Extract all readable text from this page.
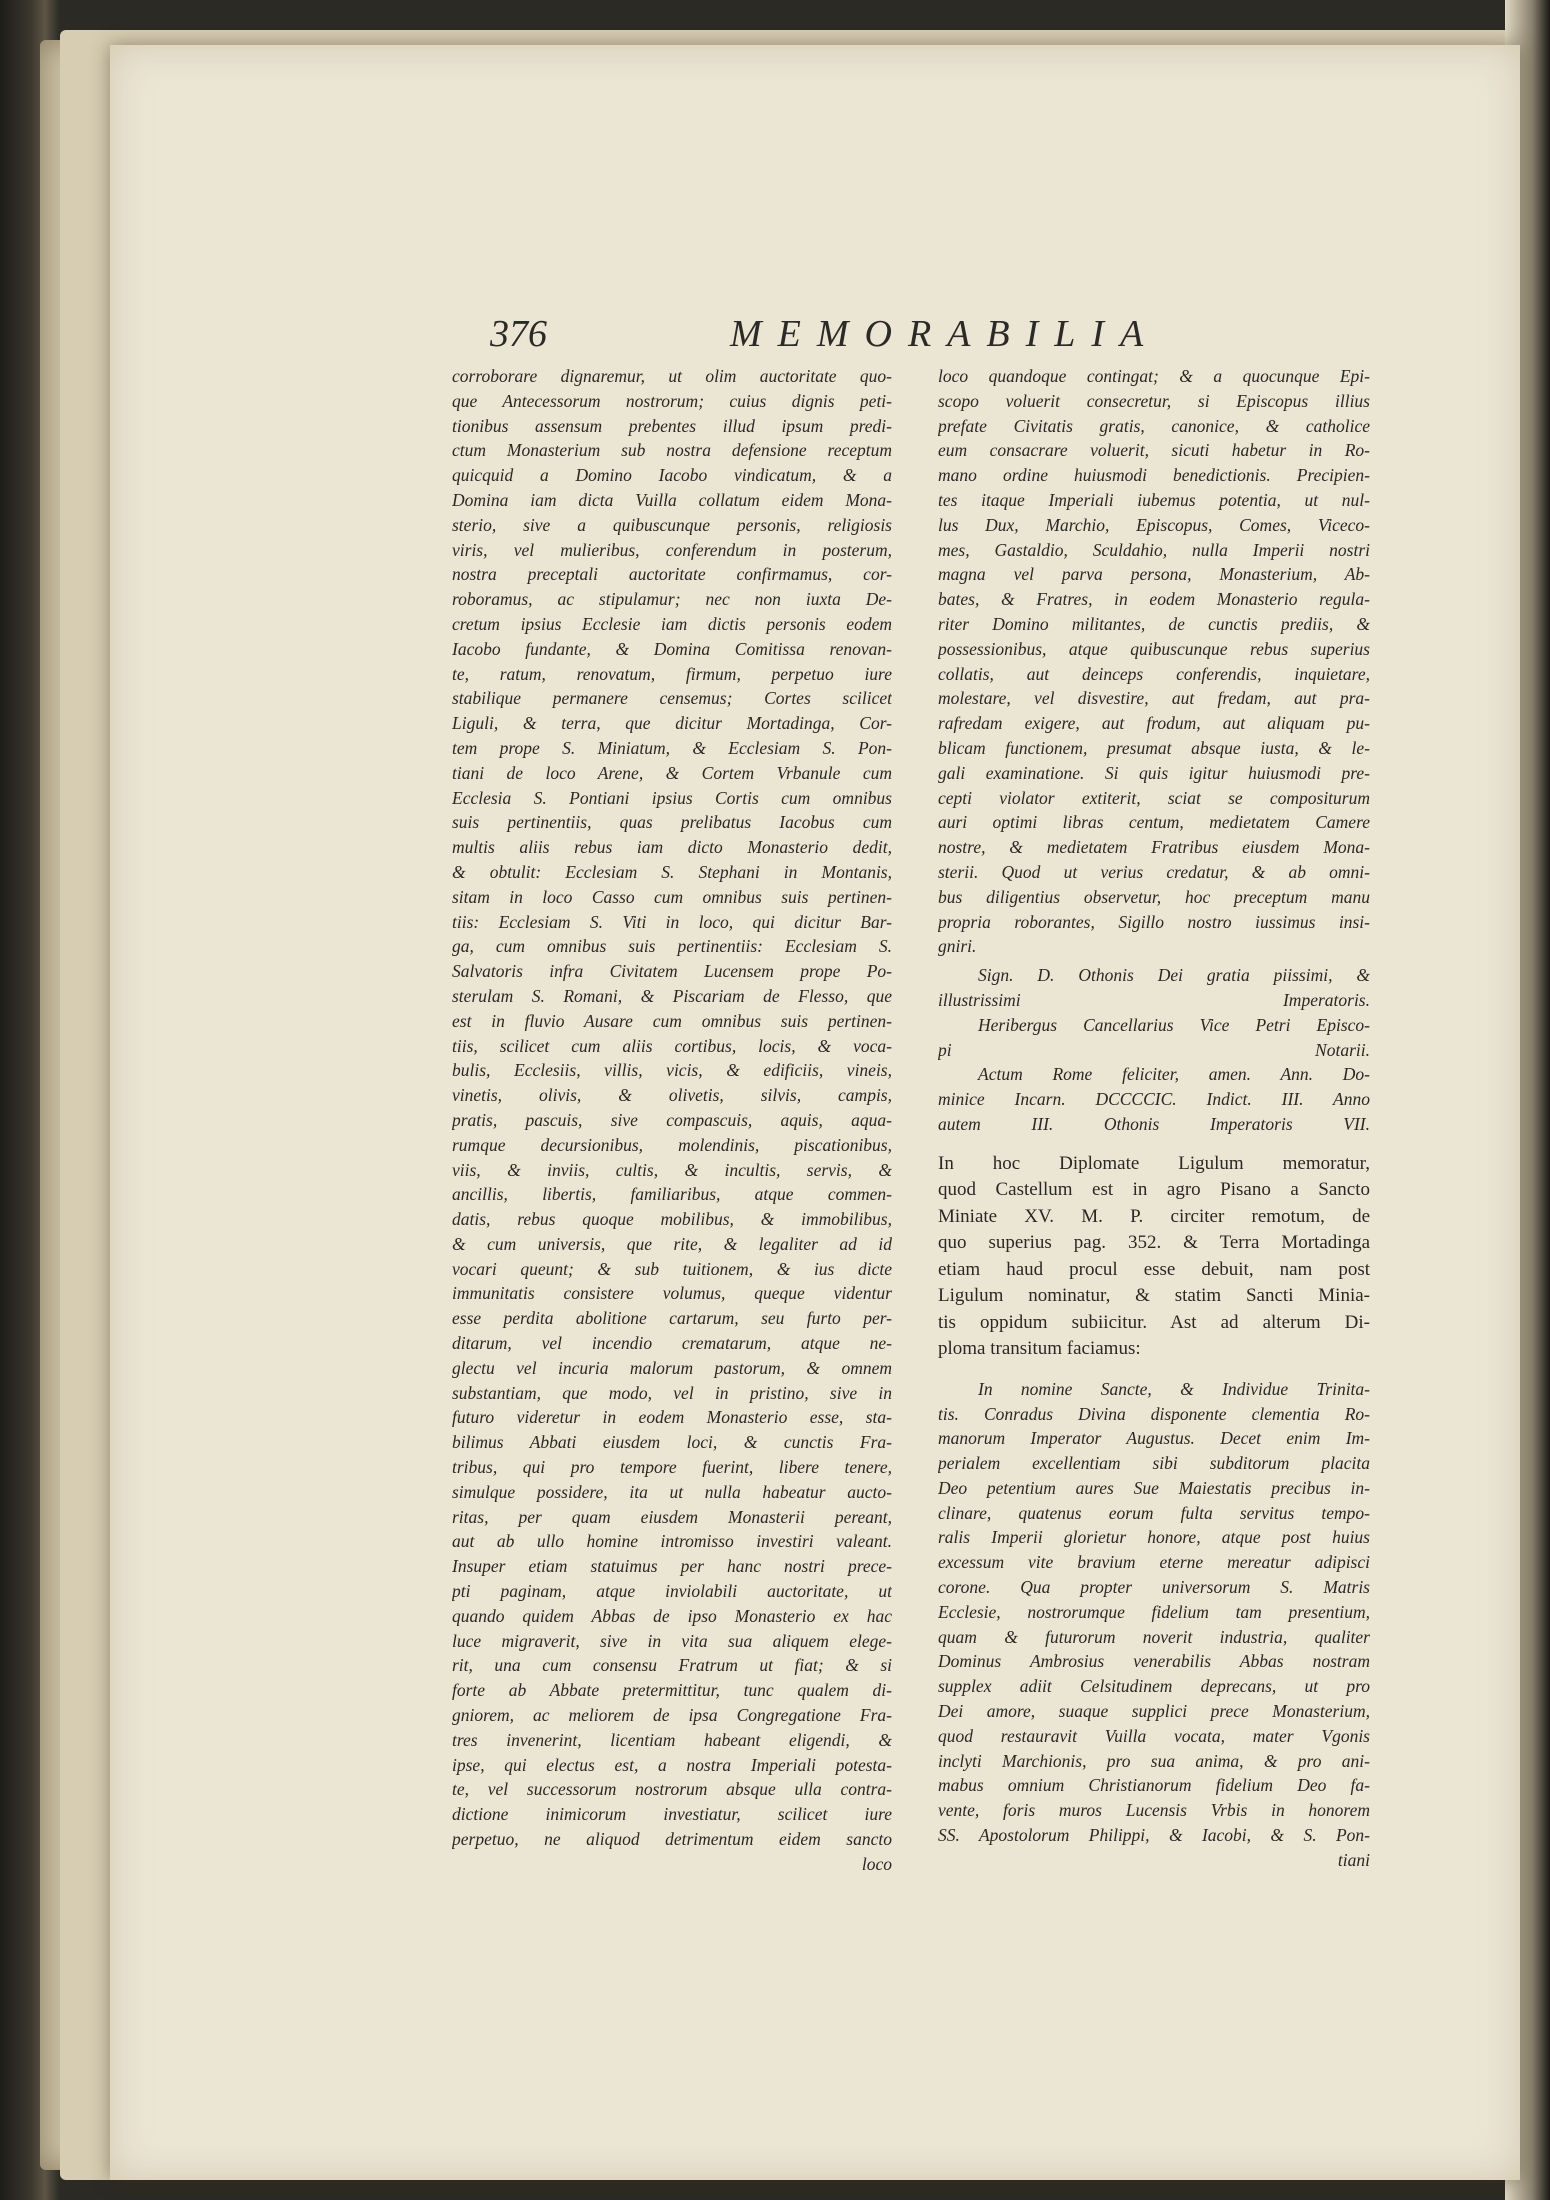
376	MEMORABILIA
corroborare dignaremur, ut olim auctoritate quo-
que Antecessorum nostrorum; cuius dignis peti-
tionibus assensum prebentes illud ipsum predi-
ctum Monasterium sub nostra defensione receptum
quicquid a Domino Iacobo vindicatum, & a
Domina iam dicta Vuilla collatum eidem Mona-
sterio, sive a quibuscunque personis, religiosis
viris, vel mulieribus, conferendum in posterum,
nostra preceptali auctoritate confirmamus, cor-
roboramus, ac stipulamur; nec non iuxta De-
cretum ipsius Ecclesie iam dictis personis eodem
Iacobo fundante, & Domina Comitissa renovan-
te, ratum, renovatum, firmum, perpetuo iure
stabilique permanere censemus; Cortes scilicet
Liguli, & terra, que dicitur Mortadinga, Cor-
tem prope S. Miniatum, & Ecclesiam S. Pon-
tiani de loco Arene, & Cortem Vrbanule cum
Ecclesia S. Pontiani ipsius Cortis cum omnibus
suis pertinentiis, quas prelibatus Iacobus cum
multis aliis rebus iam dicto Monasterio dedit,
& obtulit: Ecclesiam S. Stephani in Montanis,
sitam in loco Casso cum omnibus suis pertinen-
tiis: Ecclesiam S. Viti in loco, qui dicitur Bar-
ga, cum omnibus suis pertinentiis: Ecclesiam S.
Salvatoris infra Civitatem Lucensem prope Po-
sterulam S. Romani, & Piscariam de Flesso, que
est in fluvio Ausare cum omnibus suis pertinen-
tiis, scilicet cum aliis cortibus, locis, & voca-
bulis, Ecclesiis, villis, vicis, & edificiis, vineis,
vinetis, olivis, & olivetis, silvis, campis,
pratis, pascuis, sive compascuis, aquis, aqua-
rumque decursionibus, molendinis, piscationibus,
viis, & inviis, cultis, & incultis, servis, &
ancillis, libertis, familiaribus, atque commen-
datis, rebus quoque mobilibus, & immobilibus,
& cum universis, que rite, & legaliter ad id
vocari queunt; & sub tuitionem, & ius dicte
immunitatis consistere volumus, queque videntur
esse perdita abolitione cartarum, seu furto per-
ditarum, vel incendio crematarum, atque ne-
glectu vel incuria malorum pastorum, & omnem
substantiam, que modo, vel in pristino, sive in
futuro videretur in eodem Monasterio esse, sta-
bilimus Abbati eiusdem loci, & cunctis Fra-
tribus, qui pro tempore fuerint, libere tenere,
simulque possidere, ita ut nulla habeatur aucto-
ritas, per quam eiusdem Monasterii pereant,
aut ab ullo homine intromisso investiri valeant.
Insuper etiam statuimus per hanc nostri prece-
pti paginam, atque inviolabili auctoritate, ut
quando quidem Abbas de ipso Monasterio ex hac
luce migraverit, sive in vita sua aliquem elege-
rit, una cum consensu Fratrum ut fiat; & si
forte ab Abbate pretermittitur, tunc qualem di-
gniorem, ac meliorem de ipsa Congregatione Fra-
tres invenerint, licentiam habeant eligendi, &
ipse, qui electus est, a nostra Imperiali potesta-
te, vel successorum nostrorum absque ulla contra-
dictione inimicorum investiatur, scilicet iure
perpetuo, ne aliquod detrimentum eidem sancto
loco
loco quandoque contingat; & a quocunque Epi-
scopo voluerit consecretur, si Episcopus illius
prefate Civitatis gratis, canonice, & catholice
eum consacrare voluerit, sicuti habetur in Ro-
mano ordine huiusmodi benedictionis. Precipien-
tes itaque Imperiali iubemus potentia, ut nul-
lus Dux, Marchio, Episcopus, Comes, Viceco-
mes, Gastaldio, Sculdahio, nulla Imperii nostri
magna vel parva persona, Monasterium, Ab-
bates, & Fratres, in eodem Monasterio regula-
riter Domino militantes, de cunctis prediis, &
possessionibus, atque quibuscunque rebus superius
collatis, aut deinceps conferendis, inquietare,
molestare, vel disvestire, aut fredam, aut pra-
rafredam exigere, aut frodum, aut aliquam pu-
blicam functionem, presumat absque iusta, & le-
gali examinatione. Si quis igitur huiusmodi pre-
cepti violator extiterit, sciat se compositurum
auri optimi libras centum, medietatem Camere
nostre, & medietatem Fratribus eiusdem Mona-
sterii. Quod ut verius credatur, & ab omni-
bus diligentius observetur, hoc preceptum manu
propria roborantes, Sigillo nostro iussimus insi-
gniri.
Sign. D. Othonis Dei gratia piissimi, &
illustrissimi Imperatoris.
Heribergus Cancellarius Vice Petri Episco-
pi Notarii.
Actum Rome feliciter, amen. Ann. Do-
minice Incarn. DCCCCIC. Indict. III. Anno
autem III. Othonis Imperatoris VII.
In hoc Diplomate Ligulum memoratur,
quod Castellum est in agro Pisano a Sancto
Miniate XV. M. P. circiter remotum, de
quo superius pag. 352. & Terra Mortadinga
etiam haud procul esse debuit, nam post
Ligulum nominatur, & statim Sancti Minia-
tis oppidum subiicitur. Ast ad alterum Di-
ploma transitum faciamus:
In nomine Sancte, & Individue Trinita-
tis. Conradus Divina disponente clementia Ro-
manorum Imperator Augustus. Decet enim Im-
perialem excellentiam sibi subditorum placita
Deo petentium aures Sue Maiestatis precibus in-
clinare, quatenus eorum fulta servitus tempo-
ralis Imperii glorietur honore, atque post huius
excessum vite bravium eterne mereatur adipisci
corone. Qua propter universorum S. Matris
Ecclesie, nostrorumque fidelium tam presentium,
quam & futurorum noverit industria, qualiter
Dominus Ambrosius venerabilis Abbas nostram
supplex adiit Celsitudinem deprecans, ut pro
Dei amore, suaque supplici prece Monasterium,
quod restauravit Vuilla vocata, mater Vgonis
inclyti Marchionis, pro sua anima, & pro ani-
mabus omnium Christianorum fidelium Deo fa-
vente, foris muros Lucensis Vrbis in honorem
SS. Apostolorum Philippi, & Iacobi, & S. Pon-
tiani
